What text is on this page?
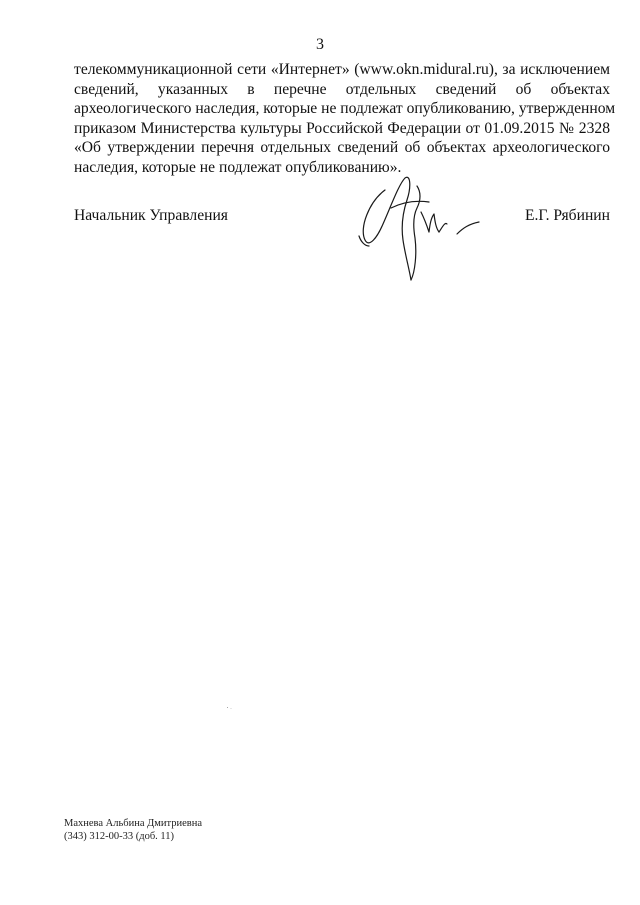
3
телекоммуникационной сети «Интернет» (www.okn.midural.ru), за исключением
сведений, указанных в перечне отдельных сведений об объектах
археологического наследия, которые не подлежат опубликованию, утвержденном
приказом Министерства культуры Российской Федерации от 01.09.2015 № 2328
«Об утверждении перечня отдельных сведений об объектах археологического
наследия, которые не подлежат опубликованию».
Начальник Управления	Е.Г. Рябинин
Махнева Альбина Дмитриевна
(343) 312-00-33 (доб. 11)
